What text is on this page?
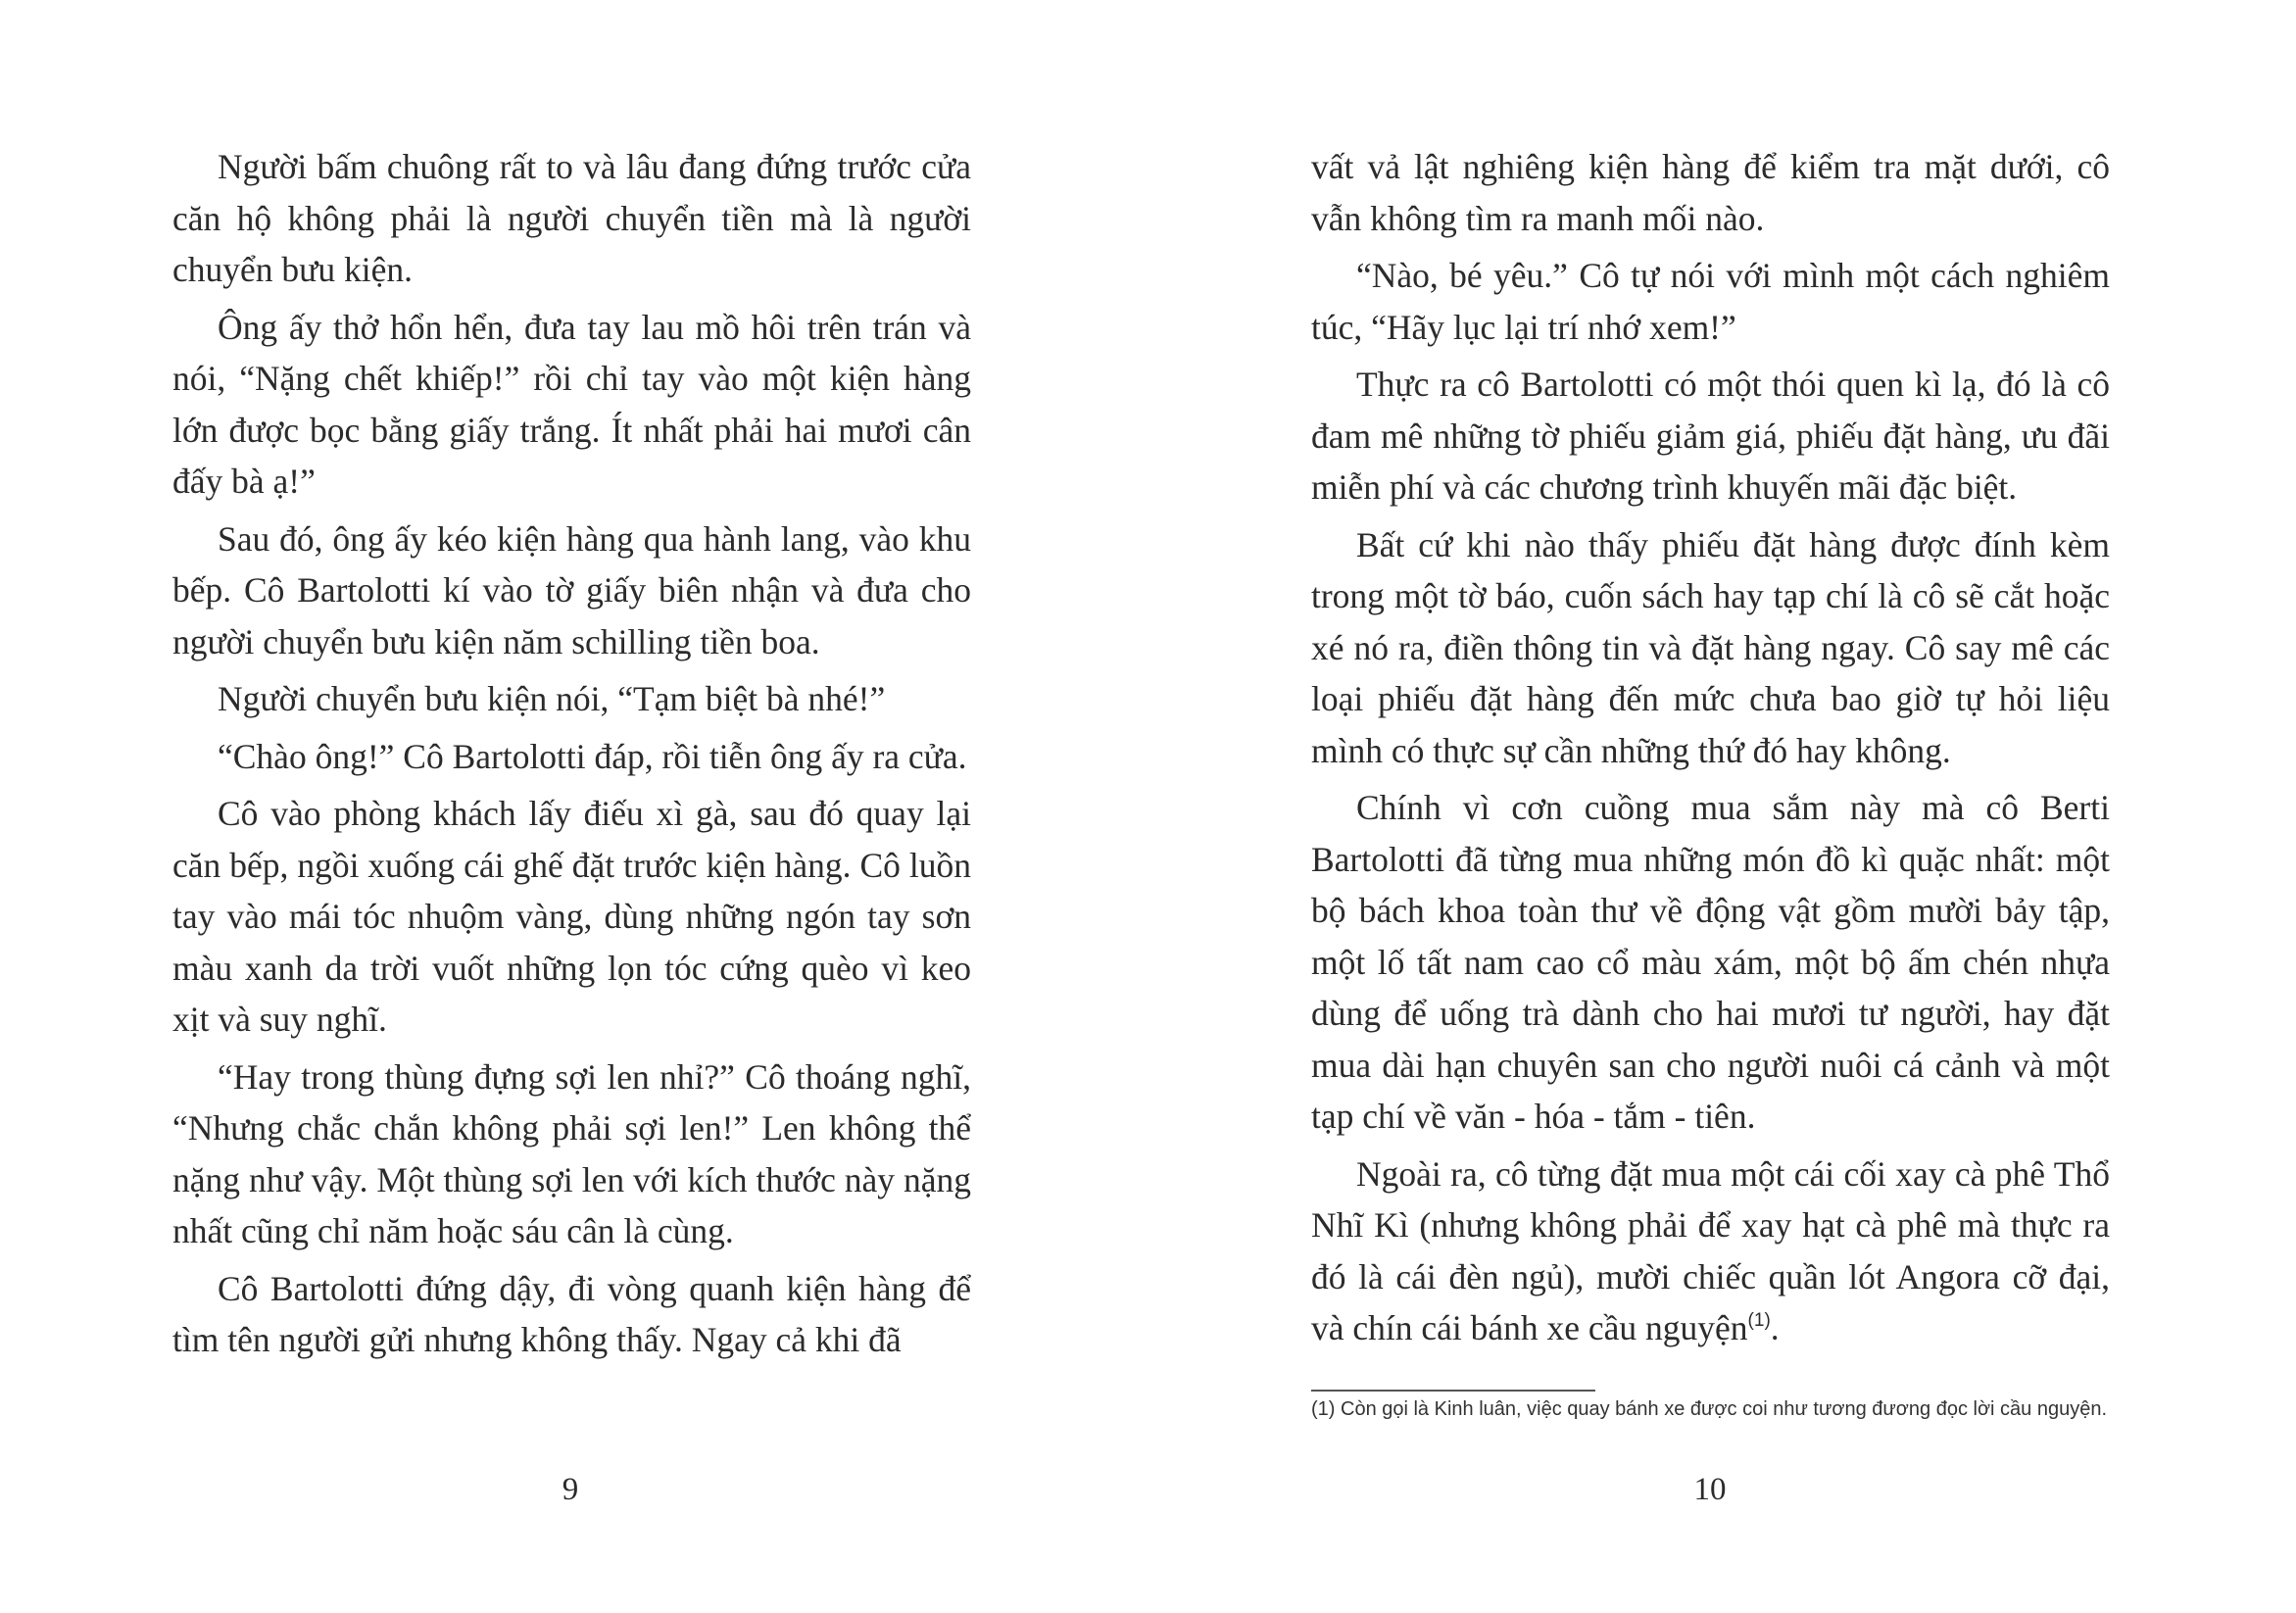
Người bấm chuông rất to và lâu đang đứng trước cửa căn hộ không phải là người chuyển tiền mà là người chuyển bưu kiện.

Ông ấy thở hổn hển, đưa tay lau mồ hôi trên trán và nói, “Nặng chết khiếp!” rồi chỉ tay vào một kiện hàng lớn được bọc bằng giấy trắng. Ít nhất phải hai mươi cân đấy bà ạ!”

Sau đó, ông ấy kéo kiện hàng qua hành lang, vào khu bếp. Cô Bartolotti kí vào tờ giấy biên nhận và đưa cho người chuyển bưu kiện năm schilling tiền boa.

Người chuyển bưu kiện nói, “Tạm biệt bà nhé!”

“Chào ông!” Cô Bartolotti đáp, rồi tiễn ông ấy ra cửa.

Cô vào phòng khách lấy điếu xì gà, sau đó quay lại căn bếp, ngồi xuống cái ghế đặt trước kiện hàng. Cô luồn tay vào mái tóc nhuộm vàng, dùng những ngón tay sơn màu xanh da trời vuốt những lọn tóc cứng quèo vì keo xịt và suy nghĩ.

“Hay trong thùng đựng sợi len nhỉ?” Cô thoáng nghĩ, “Nhưng chắc chắn không phải sợi len!” Len không thể nặng như vậy. Một thùng sợi len với kích thước này nặng nhất cũng chỉ năm hoặc sáu cân là cùng.

Cô Bartolotti đứng dậy, đi vòng quanh kiện hàng để tìm tên người gửi nhưng không thấy. Ngay cả khi đã

9

vất vả lật nghiêng kiện hàng để kiểm tra mặt dưới, cô vẫn không tìm ra manh mối nào.

“Nào, bé yêu.” Cô tự nói với mình một cách nghiêm túc, “Hãy lục lại trí nhớ xem!”

Thực ra cô Bartolotti có một thói quen kì lạ, đó là cô đam mê những tờ phiếu giảm giá, phiếu đặt hàng, ưu đãi miễn phí và các chương trình khuyến mãi đặc biệt.

Bất cứ khi nào thấy phiếu đặt hàng được đính kèm trong một tờ báo, cuốn sách hay tạp chí là cô sẽ cắt hoặc xé nó ra, điền thông tin và đặt hàng ngay. Cô say mê các loại phiếu đặt hàng đến mức chưa bao giờ tự hỏi liệu mình có thực sự cần những thứ đó hay không.

Chính vì cơn cuồng mua sắm này mà cô Berti Bartolotti đã từng mua những món đồ kì quặc nhất: một bộ bách khoa toàn thư về động vật gồm mười bảy tập, một lố tất nam cao cổ màu xám, một bộ ấm chén nhựa dùng để uống trà dành cho hai mươi tư người, hay đặt mua dài hạn chuyên san cho người nuôi cá cảnh và một tạp chí về văn - hóa - tắm - tiên.

Ngoài ra, cô từng đặt mua một cái cối xay cà phê Thổ Nhĩ Kì (nhưng không phải để xay hạt cà phê mà thực ra đó là cái đèn ngủ), mười chiếc quần lót Angora cỡ đại, và chín cái bánh xe cầu nguyện$^{(1)}$.

(1) Còn gọi là Kinh luân, việc quay bánh xe được coi như tương đương đọc lời cầu nguyện.
10
